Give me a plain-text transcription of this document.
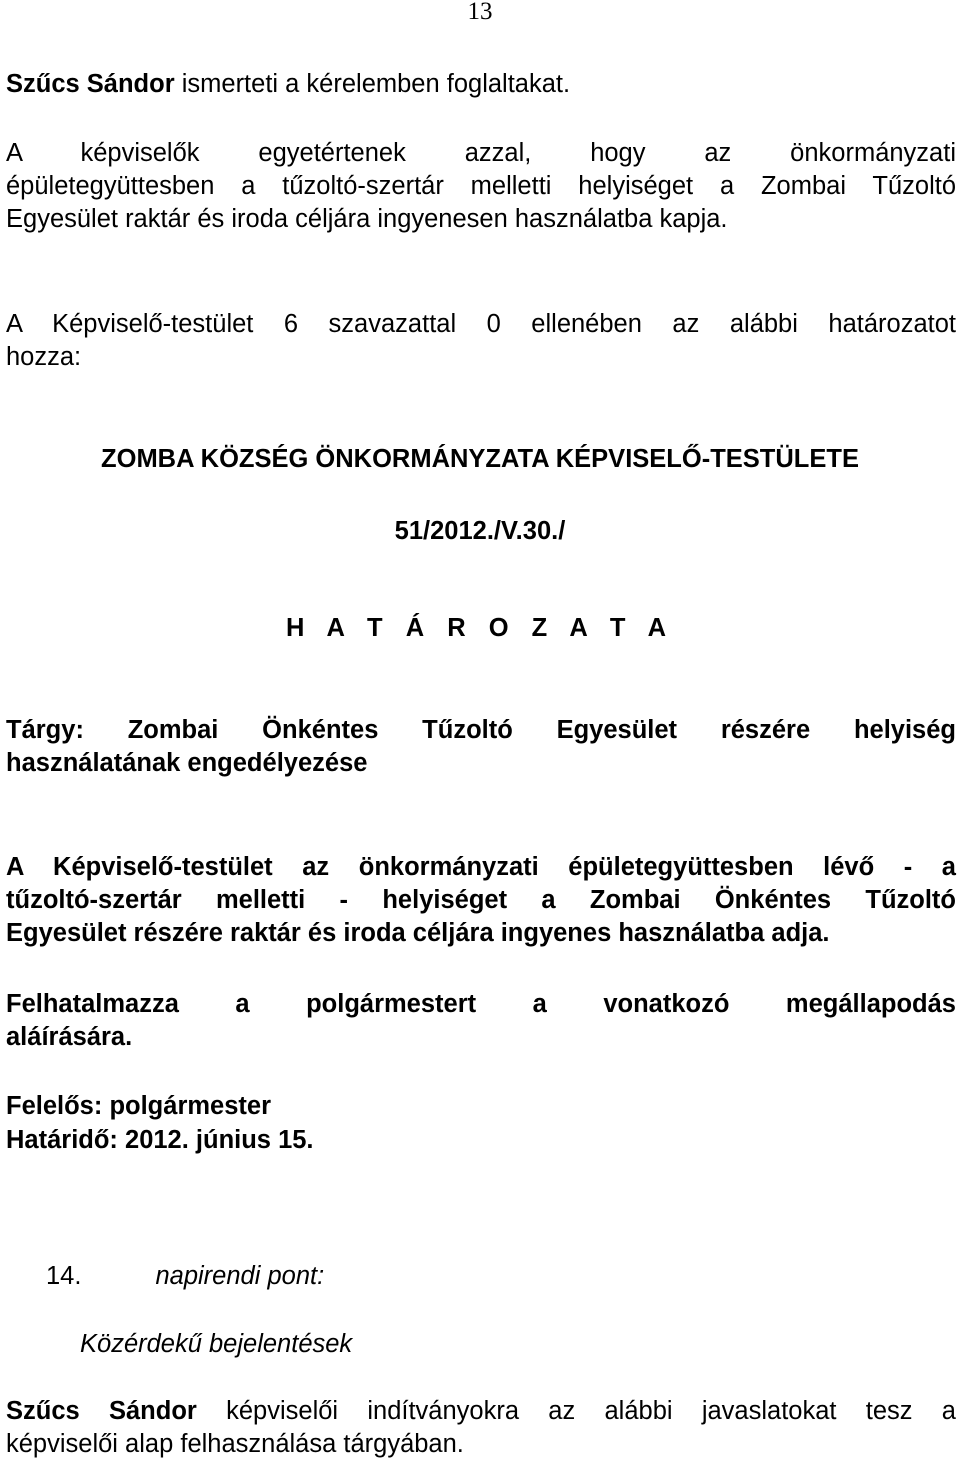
13
Szűcs Sándor ismerteti a kérelemben foglaltakat.
A képviselők egyetértenek azzal, hogy az önkormányzati
épületegyüttesben a tűzoltó-szertár melletti helyiséget a Zombai Tűzoltó
Egyesület raktár és iroda céljára ingyenesen használatba kapja.
A Képviselő-testület 6 szavazattal 0 ellenében az alábbi határozatot
hozza:
ZOMBA KÖZSÉG ÖNKORMÁNYZATA KÉPVISELŐ-TESTÜLETE
51/2012./V.30./
H A T Á R O Z A T A
Tárgy: Zombai Önkéntes Tűzoltó Egyesület részére helyiség
használatának engedélyezése
A Képviselő-testület az önkormányzati épületegyüttesben lévő - a
tűzoltó-szertár melletti - helyiséget a Zombai Önkéntes Tűzoltó
Egyesület részére raktár és iroda céljára ingyenes használatba adja.
Felhatalmazza a polgármestert a vonatkozó megállapodás
aláírására.
Felelős: polgármester
Határidő: 2012. június 15.
14.	napirendi pont:
Közérdekű bejelentések
Szűcs Sándor képviselői indítványokra az alábbi javaslatokat tesz a
képviselői alap felhasználása tárgyában.
